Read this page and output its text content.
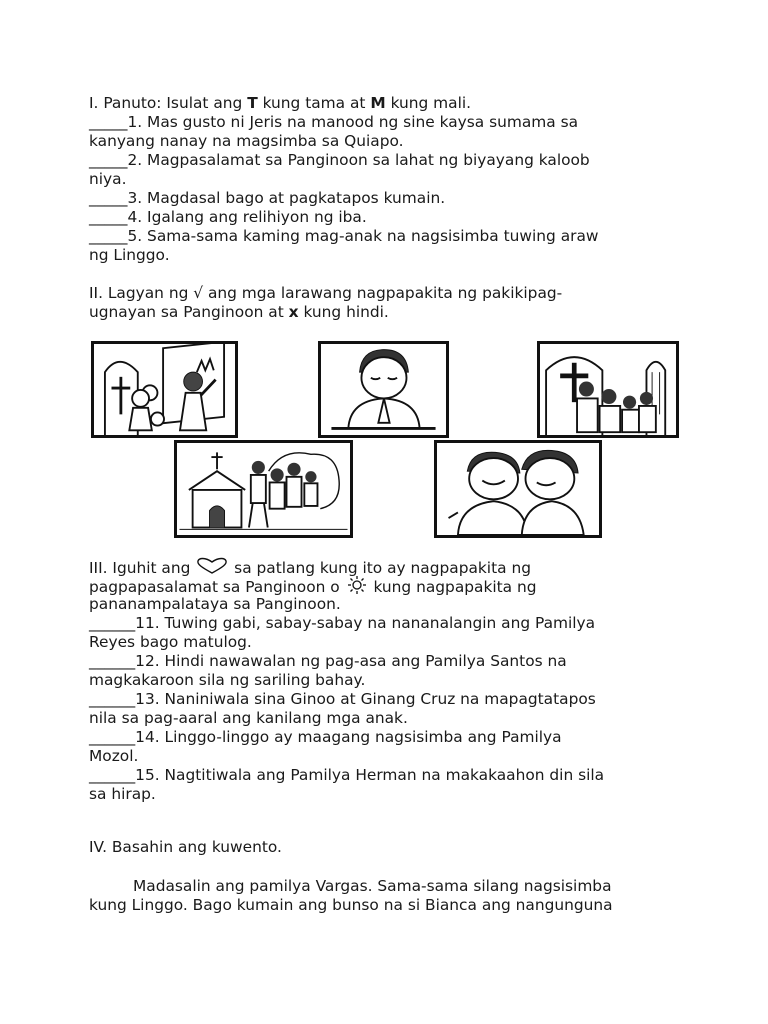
I. Panuto: Isulat ang T kung tama at M kung mali.
_____1. Mas gusto ni Jeris na manood ng sine kaysa sumama sa
kanyang nanay na magsimba sa Quiapo.
_____2. Magpasalamat sa Panginoon sa lahat ng biyayang kaloob
niya.
_____3. Magdasal bago at pagkatapos kumain.
_____4. Igalang ang relihiyon ng iba.
_____5. Sama-sama kaming mag-anak na nagsisimba tuwing araw
ng Linggo.
II. Lagyan ng √ ang mga larawang nagpapakita ng pakikipag-
ugnayan sa Panginoon at x kung hindi.
III. Iguhit ang  sa patlang kung ito ay nagpapakita ng
pagpapasalamat sa Panginoon o  kung nagpapakita ng
pananampalataya sa Panginoon.
______11. Tuwing gabi, sabay-sabay na nananalangin ang Pamilya
Reyes bago matulog.
______12. Hindi nawawalan ng pag-asa ang Pamilya Santos na
magkakaroon sila ng sariling bahay.
______13. Naniniwala sina Ginoo at Ginang Cruz na mapagtatapos
nila sa pag-aaral ang kanilang mga anak.
______14. Linggo-linggo ay maagang nagsisimba ang Pamilya
Mozol.
______15. Nagtitiwala ang Pamilya Herman na makakaahon din sila
sa hirap.
IV. Basahin ang kuwento.
Madasalin ang pamilya Vargas. Sama-sama silang nagsisimba
kung Linggo. Bago kumain ang bunso na si Bianca ang nangunguna
